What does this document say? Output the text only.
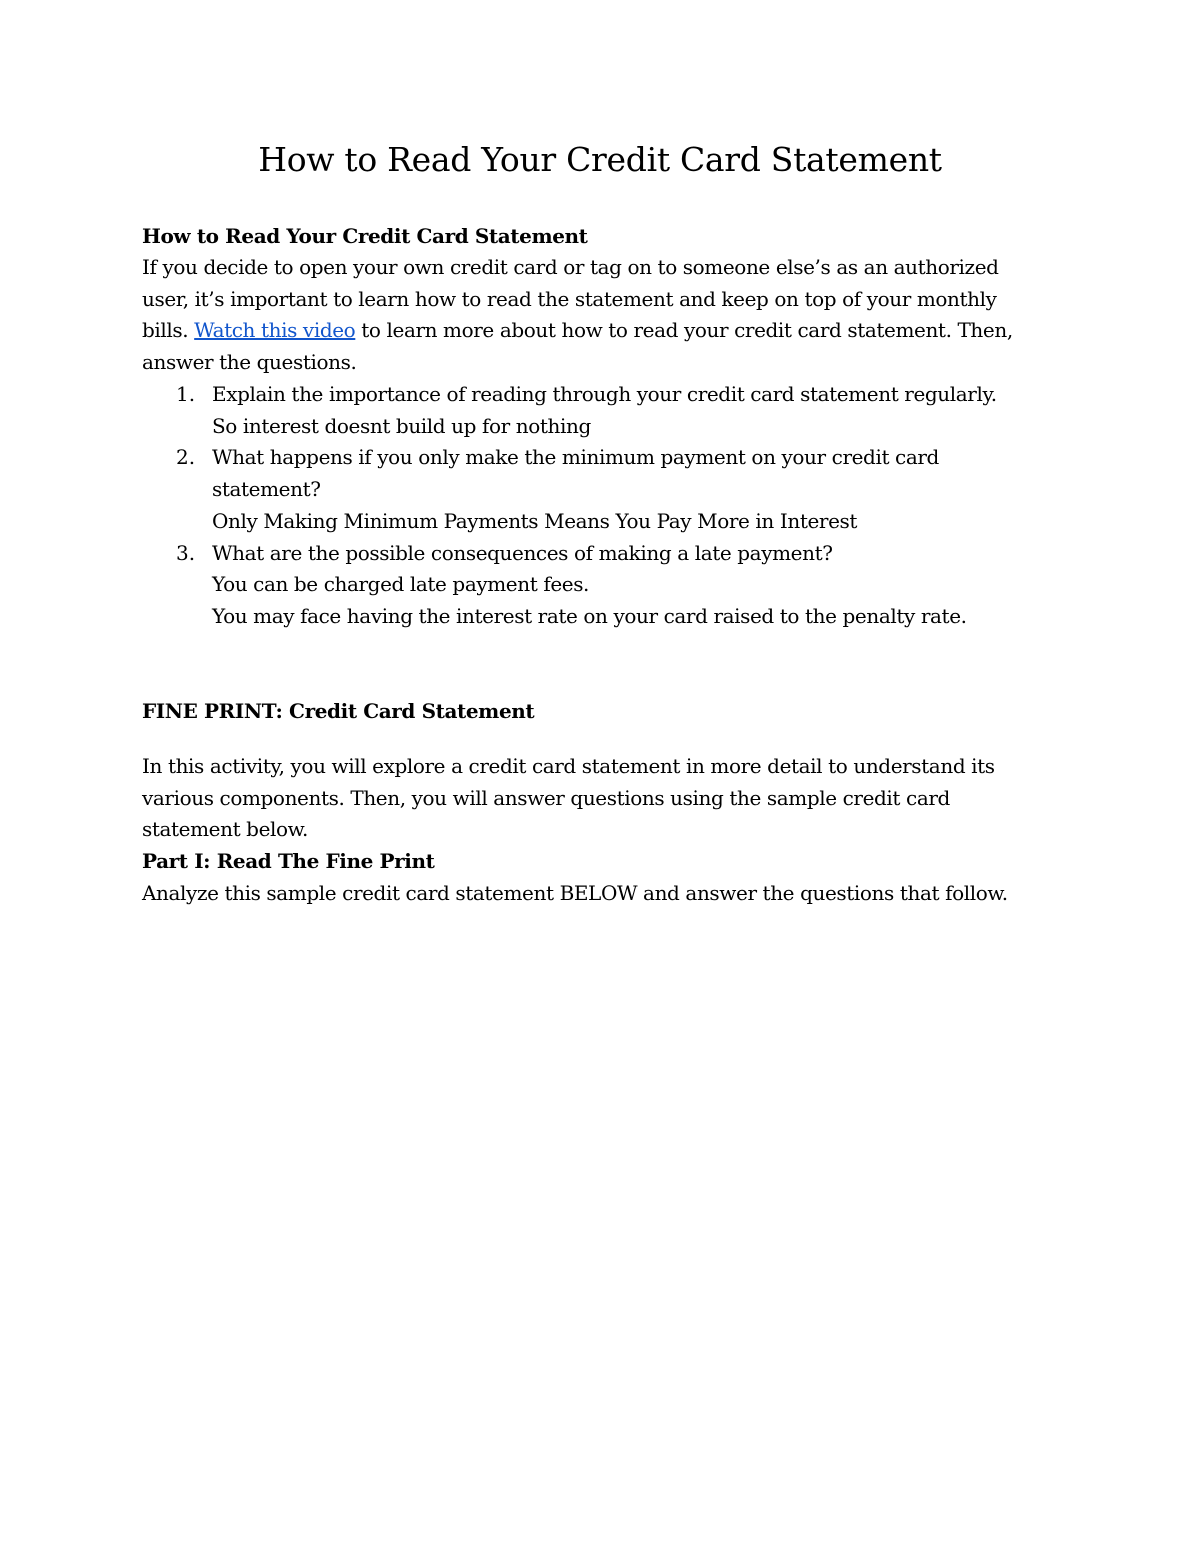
How to Read Your Credit Card Statement
How to Read Your Credit Card Statement
If you decide to open your own credit card or tag on to someone else’s as an authorized
user, it’s important to learn how to read the statement and keep on top of your monthly
bills. Watch this video to learn more about how to read your credit card statement. Then,
answer the questions.
1. Explain the importance of reading through your credit card statement regularly.
So interest doesnt build up for nothing
2. What happens if you only make the minimum payment on your credit card
statement?
Only Making Minimum Payments Means You Pay More in Interest
3. What are the possible consequences of making a late payment?
You can be charged late payment fees.
You may face having the interest rate on your card raised to the penalty rate.
FINE PRINT: Credit Card Statement
In this activity, you will explore a credit card statement in more detail to understand its
various components. Then, you will answer questions using the sample credit card
statement below.
Part I: Read The Fine Print
Analyze this sample credit card statement BELOW and answer the questions that follow.
